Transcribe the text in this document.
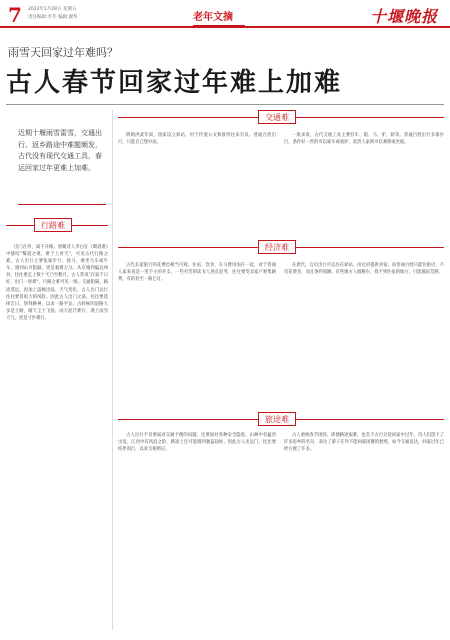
7 2022年1月28日 星期五
责任编辑:李冬 编辑:谢华	老年文摘	十堰晚报
雨雪天回家过年难吗？
古人春节回家过年难上加难
近期十堰雨雪雷雪，交通出行、返乡路途中难题频发，古代没有现代交通工具，春运回家过年更难上加难。
行路难
交通难
经济难
旅途难

出门在外，离不开路。唐朝诗人李白在《蜀道难》中感叹"蜀道之难，难于上青天"，可见古代行路之难。古人出行主要依靠步行、骑马、乘坐马车或牛车，遇到山川阻隔，更是艰难万分。从京城到偏远州县，往往要走上数十天乃至数月。古人常说"在家千日好，出门一时难"，行路之难可见一斑。交通阻隔，路途遥远，再加上盗贼出没、天气变化，古人出门远行往往要冒很大的风险。因此古人出门之前，往往要选择吉日，祭拜路神，以求一路平安。古时候的道路大多是土路，晴天尘土飞扬，雨天泥泞难行，遇上雨雪天气，更是寸步难行。

明朝洪武年间，国家设立驿站，用于传递公文和接待往来官员。普通百姓出行，只能自己想办法。

一般来说，古代交通工具主要有车、船、马、驴、轿等。普通百姓出行多靠步行，条件好一些的可以雇车或骑驴，富贵人家则可以乘轿或坐船。

古代长途旅行的花费也相当可观。住宿、饮食、车马费用加在一起，对于普通人家来说是一笔不小的开支。一些穷苦的读书人进京赶考，往往要变卖家产筹集路费，有的甚至一路乞讨。

在唐代，官员出行可以住在驿站，由官府提供食宿；而普通百姓只能住旅店，不仅花费多，而且条件简陋。有些地方人烟稀少，找不到住宿的地方，只能露宿荒野。

古人出行不仅要面对交通不便的问题，还要面对各种安全隐患。山林中有猛兽出没，江河中有风浪之险，路途上还可能遇到强盗劫匪。因此古人出远门，往往要结伴而行，以求互相照应。

古人重视春节团圆，即便路途艰难，也会千方百计赶回家中过年。诗人们留下了许多思乡的名句，表达了游子在外不能回家团聚的愁绪。如今交通发达，回家过年已经方便了许多。
